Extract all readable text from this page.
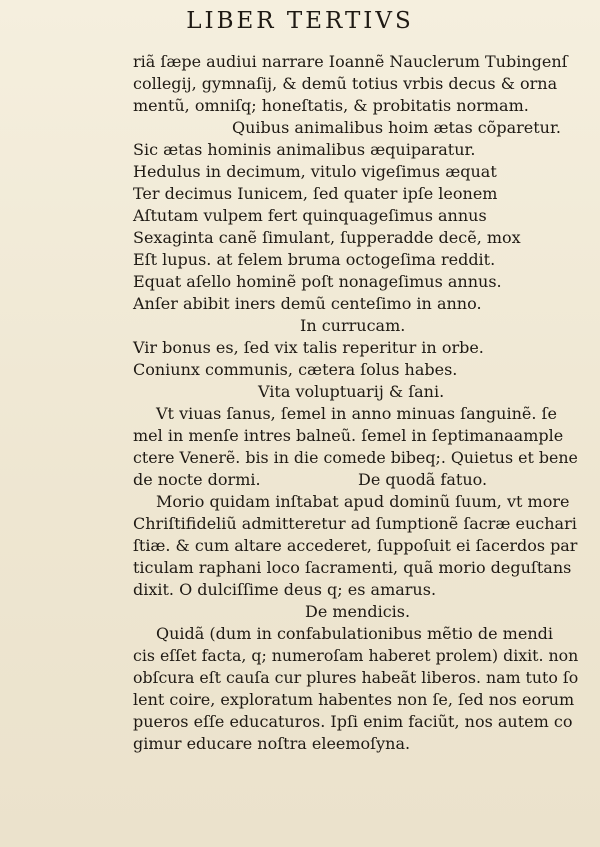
LIBER TERTIVS
riã ſæpe audiui narrare Ioannẽ Nauclerum Tubingenſ
collegij, gymnaſij, & demũ totius vrbis decus & orna
mentũ, omniſq; honeſtatis, & probitatis normam.
Quibus animalibus hoim ætas cõparetur.
Sic ætas hominis animalibus æquiparatur.
Hedulus in decimum, vitulo vigeſimus æquat
Ter decimus Iunicem, ſed quater ipſe leonem
Aſtutam vulpem fert quinquageſimus annus
Sexaginta canẽ ſimulant, ſupperadde decẽ, mox
Eſt lupus. at felem bruma octogeſima reddit.
Equat aſello hominẽ poſt nonageſimus annus.
Anſer abibit iners demũ centeſimo in anno.
In currucam.
Vir bonus es, ſed vix talis reperitur in orbe.
Coniunx communis, cætera ſolus habes.
Vita voluptuarij & ſani.
Vt viuas ſanus, ſemel in anno minuas ſanguinẽ. ſe
mel in menſe intres balneũ. ſemel in ſeptimanaample
ctere Venerẽ. bis in die comede bibeq;. Quietus et bene
de nocte dormi.	De quodã fatuo.
Morio quidam inſtabat apud dominũ ſuum, vt more
Chriſtifideliũ admitteretur ad ſumptionẽ ſacræ euchari
ſtiæ. & cum altare accederet, ſuppoſuit ei ſacerdos par
ticulam raphani loco ſacramenti, quã morio deguſtans
dixit. O dulciſſime deus q; es amarus.
De mendicis.
Quidã (dum in confabulationibus mẽtio de mendi
cis eſſet facta, q; numeroſam haberet prolem) dixit. non
obſcura eſt cauſa cur plures habeãt liberos. nam tuto ſo
lent coire, exploratum habentes non ſe, ſed nos eorum
pueros eſſe educaturos. Ipſi enim faciũt, nos autem co
gimur educare noſtra eleemoſyna.
